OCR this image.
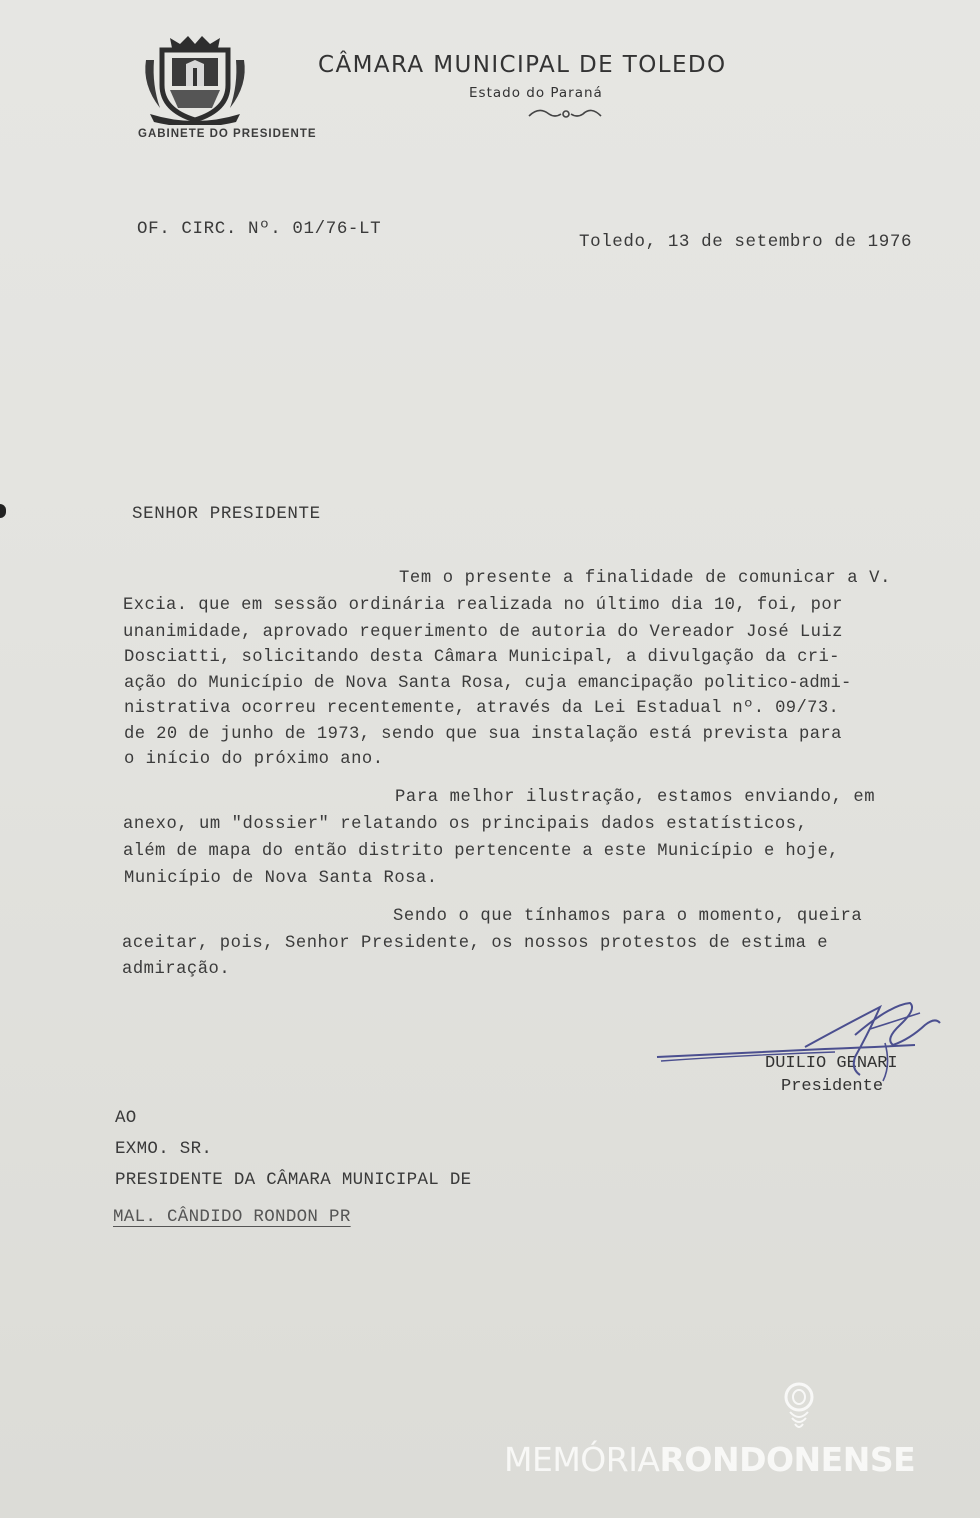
GABINETE DO PRESIDENTE
CÂMARA MUNICIPAL DE TOLEDO
Estado do Paraná
OF. CIRC. Nº. 01/76-LT
Toledo, 13 de setembro de 1976
SENHOR PRESIDENTE
Tem o presente a finalidade de comunicar a V.
Excia. que em sessão ordinária realizada no último dia 10, foi, por
unanimidade, aprovado requerimento de autoria do Vereador José Luiz
Dosciatti, solicitando desta Câmara Municipal, a divulgação da cri-
ação do Município de Nova Santa Rosa, cuja emancipação politico-admi-
nistrativa ocorreu recentemente, através da Lei Estadual nº. 09/73.
de 20 de junho de 1973, sendo que sua instalação está prevista para
o início do próximo ano.
Para melhor ilustração, estamos enviando, em
anexo, um "dossier" relatando os principais dados estatísticos,
além de mapa do então distrito pertencente a este Município e hoje,
Município de Nova Santa Rosa.
Sendo o que tínhamos para o momento, queira
aceitar, pois, Senhor Presidente, os nossos protestos de estima e
admiração.
DUILIO GENARI
Presidente
AO
EXMO. SR.
PRESIDENTE DA CÂMARA MUNICIPAL DE
MAL. CÂNDIDO RONDON PR
MEMÓRIARONDONENSE
